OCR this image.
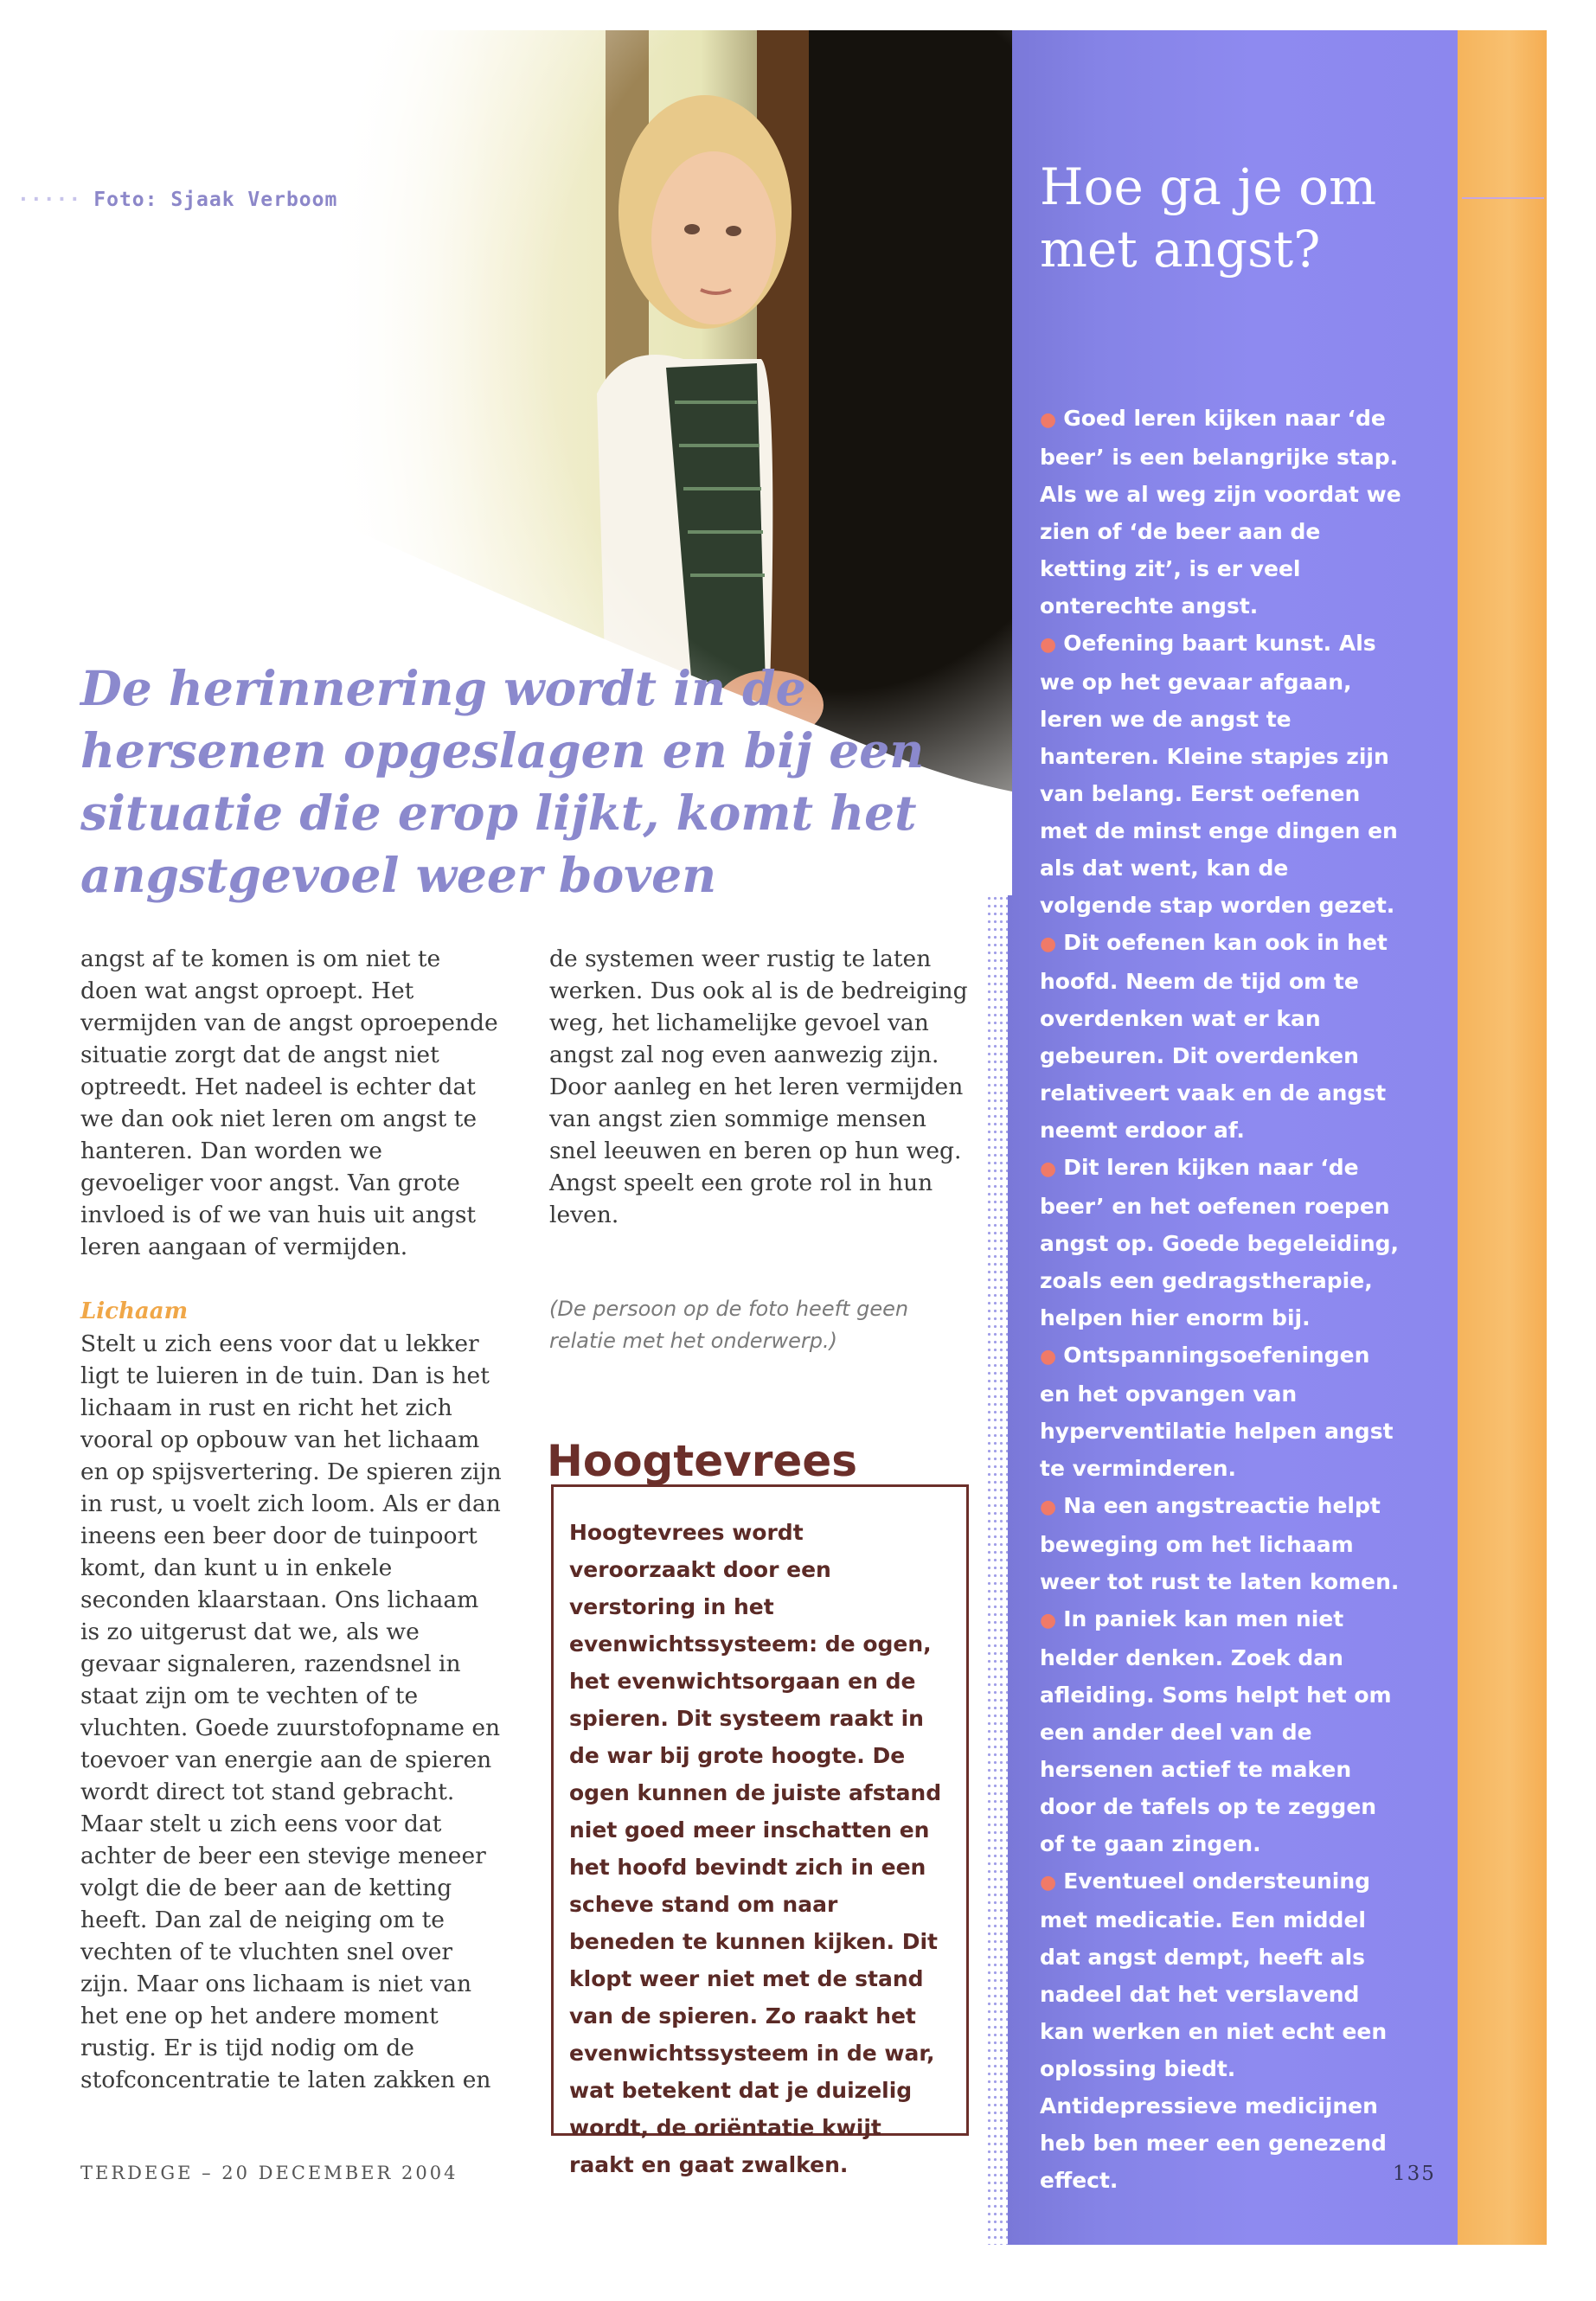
····· Foto: Sjaak Verboom
De herinnering wordt in de hersenen opgeslagen en bij een situatie die erop lijkt, komt het angstgevoel weer boven

angst af te komen is om niet te doen wat angst oproept. Het vermijden van de angst oproepende situatie zorgt dat de angst niet optreedt. Het nadeel is echter dat we dan ook niet leren om angst te hanteren. Dan worden we gevoeliger voor angst. Van grote invloed is of we van huis uit angst leren aangaan of vermijden.

Lichaam

Stelt u zich eens voor dat u lekker ligt te luieren in de tuin. Dan is het lichaam in rust en richt het zich vooral op opbouw van het lichaam en op spijsvertering. De spieren zijn in rust, u voelt zich loom. Als er dan ineens een beer door de tuinpoort komt, dan kunt u in enkele seconden klaarstaan. Ons lichaam is zo uitgerust dat we, als we gevaar signaleren, razendsnel in staat zijn om te vechten of te vluchten. Goede zuurstofopname en toevoer van energie aan de spieren wordt direct tot stand gebracht.

Maar stelt u zich eens voor dat achter de beer een stevige meneer volgt die de beer aan de ketting heeft. Dan zal de neiging om te vechten of te vluchten snel over zijn. Maar ons lichaam is niet van het ene op het andere moment rustig. Er is tijd nodig om de stofconcentratie te laten zakken en

de systemen weer rustig te laten werken. Dus ook al is de bedreiging weg, het lichamelijke gevoel van angst zal nog even aanwezig zijn.

Door aanleg en het leren vermijden van angst zien sommige mensen snel leeuwen en beren op hun weg. Angst speelt een grote rol in hun leven.

(De persoon op de foto heeft geen relatie met het onderwerp.)

Hoogtevrees

Hoogtevrees wordt veroorzaakt door een verstoring in het evenwichtssysteem: de ogen, het evenwichtsorgaan en de spieren. Dit systeem raakt in de war bij grote hoogte. De ogen kunnen de juiste afstand niet goed meer inschatten en het hoofd bevindt zich in een scheve stand om naar beneden te kunnen kijken. Dit klopt weer niet met de stand van de spieren. Zo raakt het evenwichtssysteem in de war, wat betekent dat je duizelig wordt, de oriëntatie kwijt raakt en gaat zwalken.

Hoe ga je om met angst?

● Goed leren kijken naar ‘de beer’ is een belangrijke stap. Als we al weg zijn voordat we zien of ‘de beer aan de ketting zit’, is er veel onterechte angst.

● Oefening baart kunst. Als we op het gevaar afgaan, leren we de angst te hanteren. Kleine stapjes zijn van belang. Eerst oefenen met de minst enge dingen en als dat went, kan de volgende stap worden gezet.

● Dit oefenen kan ook in het hoofd. Neem de tijd om te overdenken wat er kan gebeuren. Dit overdenken relativeert vaak en de angst neemt erdoor af.

● Dit leren kijken naar ‘de beer’ en het oefenen roepen angst op. Goede begeleiding, zoals een gedragstherapie, helpen hier enorm bij.

● Ontspanningsoefeningen en het opvangen van hyperventilatie helpen angst te verminderen.

● Na een angstreactie helpt beweging om het lichaam weer tot rust te laten komen.

● In paniek kan men niet helder denken. Zoek dan afleiding. Soms helpt het om een ander deel van de hersenen actief te maken door de tafels op te zeggen of te gaan zingen.

● Eventueel ondersteuning met medicatie. Een middel dat angst dempt, heeft als nadeel dat het verslavend kan werken en niet echt een oplossing biedt.

Antidepressieve medicijnen heb ben meer een genezend effect.

TERDEGE – 20 DECEMBER 2004	135
